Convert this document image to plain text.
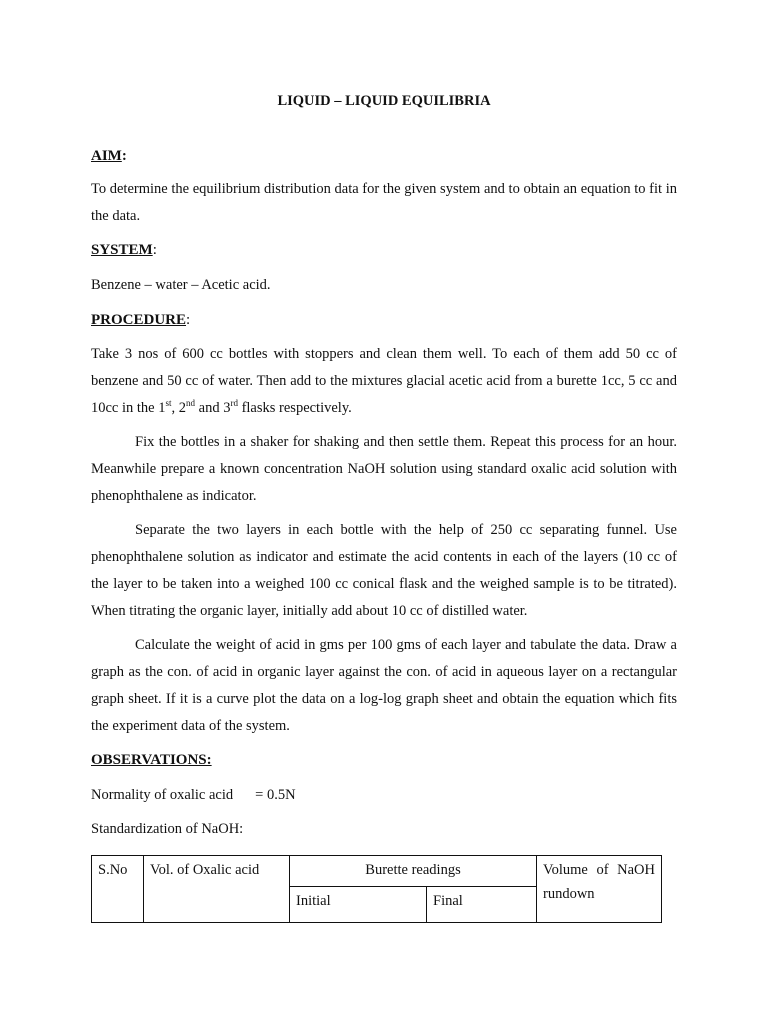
LIQUID – LIQUID EQUILIBRIA
AIM:
To determine the equilibrium distribution data for the given system and to obtain an equation to fit in the data.
SYSTEM:
Benzene – water – Acetic acid.
PROCEDURE:
Take 3 nos of 600 cc bottles with stoppers and clean them well. To each of them add 50 cc of benzene and 50 cc of water. Then add to the mixtures glacial acetic acid from a burette 1cc, 5 cc and 10cc in the 1st, 2nd and 3rd flasks respectively.
Fix the bottles in a shaker for shaking and then settle them. Repeat this process for an hour. Meanwhile prepare a known concentration NaOH solution using standard oxalic acid solution with phenophthalene as indicator.
Separate the two layers in each bottle with the help of 250 cc separating funnel. Use phenophthalene solution as indicator and estimate the acid contents in each of the layers (10 cc of the layer to be taken into a weighed 100 cc conical flask and the weighed sample is to be titrated). When titrating the organic layer, initially add about 10 cc of distilled water.
Calculate the weight of acid in gms per 100 gms of each layer and tabulate the data. Draw a graph as the con. of acid in organic layer against the con. of acid in aqueous layer on a rectangular graph sheet. If it is a curve plot the data on a log-log graph sheet and obtain the equation which fits the experiment data of the system.
OBSERVATIONS:
Normality of oxalic acid = 0.5N
Standardization of NaOH:
S.No	Vol. of Oxalic acid	Burette readings		Volume of NaOH rundown
		Initial	Final	
